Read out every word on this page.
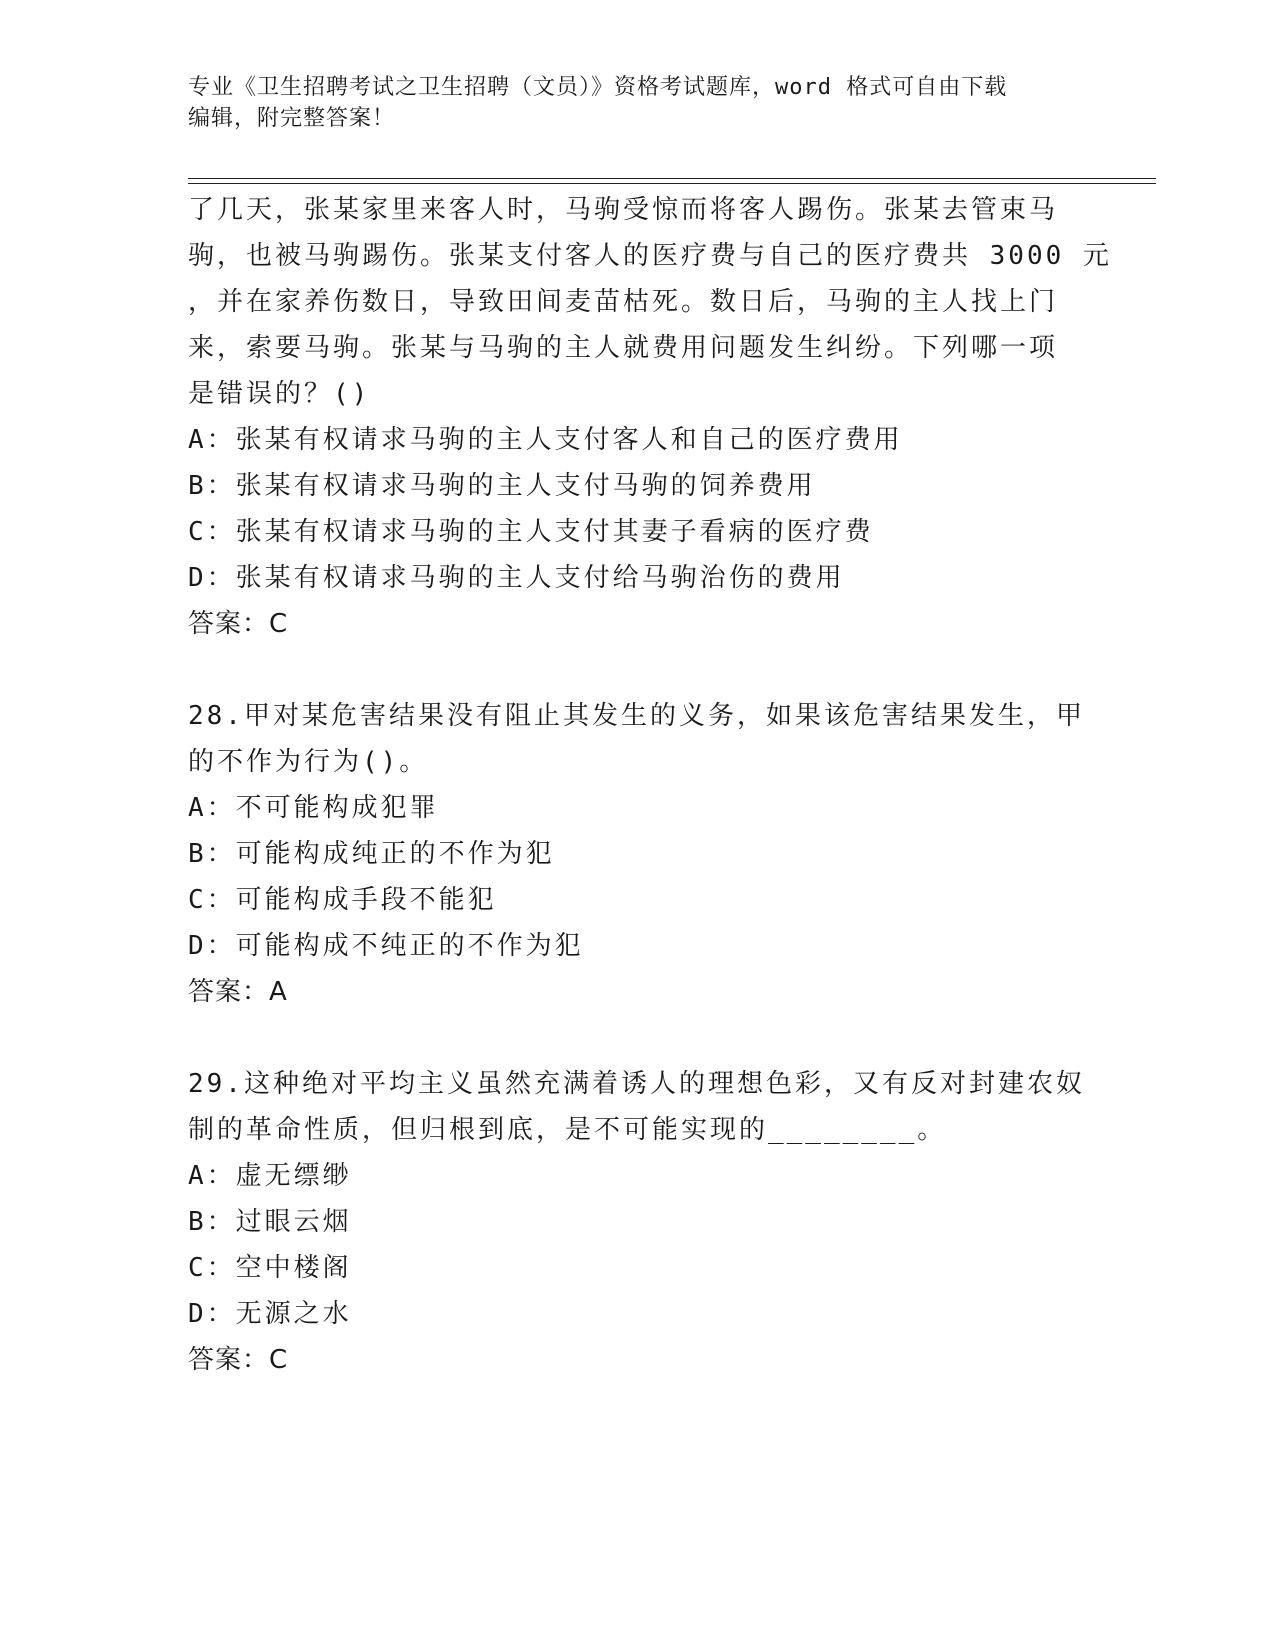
专业《卫生招聘考试之卫生招聘（文员）》资格考试题库，word 格式可自由下载
编辑，附完整答案！
了几天，张某家里来客人时，马驹受惊而将客人踢伤。张某去管束马
驹，也被马驹踢伤。张某支付客人的医疗费与自己的医疗费共 3000 元
，并在家养伤数日，导致田间麦苗枯死。数日后，马驹的主人找上门
来，索要马驹。张某与马驹的主人就费用问题发生纠纷。下列哪一项
是错误的？()
A：张某有权请求马驹的主人支付客人和自己的医疗费用
B：张某有权请求马驹的主人支付马驹的饲养费用
C：张某有权请求马驹的主人支付其妻子看病的医疗费
D：张某有权请求马驹的主人支付给马驹治伤的费用
答案：C
28.甲对某危害结果没有阻止其发生的义务，如果该危害结果发生，甲
的不作为行为()。
A：不可能构成犯罪
B：可能构成纯正的不作为犯
C：可能构成手段不能犯
D：可能构成不纯正的不作为犯
答案：A
29.这种绝对平均主义虽然充满着诱人的理想色彩，又有反对封建农奴
制的革命性质，但归根到底，是不可能实现的________。
A：虚无缥缈
B：过眼云烟
C：空中楼阁
D：无源之水
答案：C
